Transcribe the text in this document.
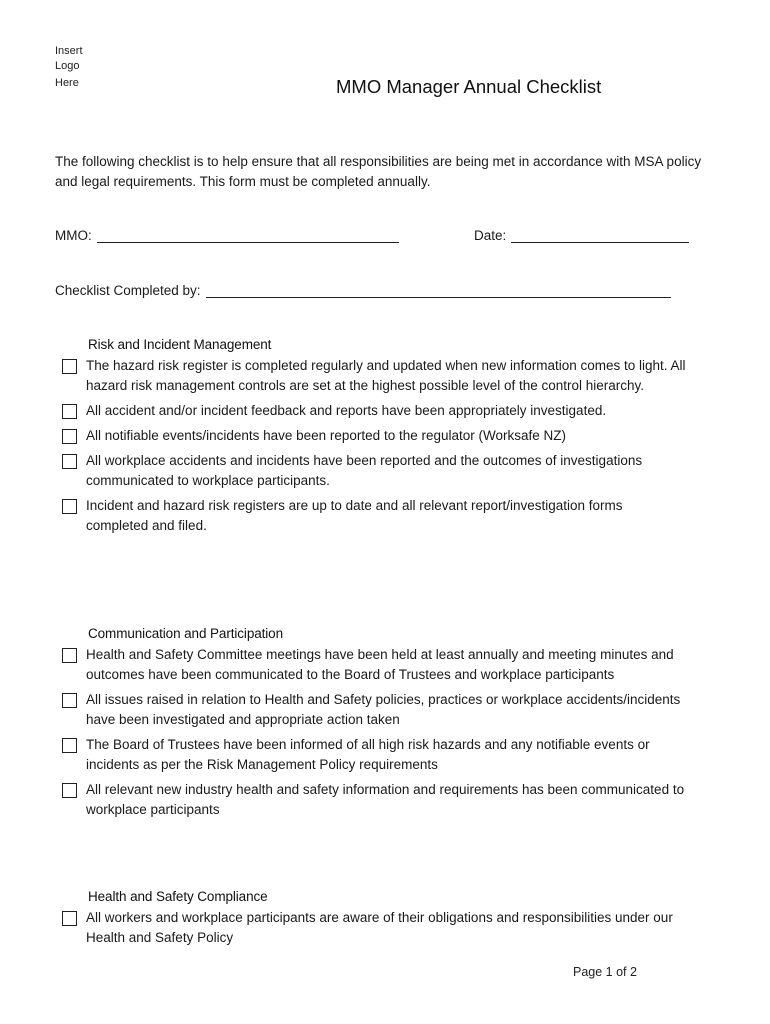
Insert
Logo
Here	MMO Manager Annual Checklist

The following checklist is to help ensure that all responsibilities are being met in accordance with MSA policy and legal requirements. This form must be completed annually.

MMO:	Date:
Checklist Completed by:
Risk and Incident Management
The hazard risk register is completed regularly and updated when new information comes to light. All hazard risk management controls are set at the highest possible level of the control hierarchy.
All accident and/or incident feedback and reports have been appropriately investigated.
All notifiable events/incidents have been reported to the regulator (Worksafe NZ)
All workplace accidents and incidents have been reported and the outcomes of investigations communicated to workplace participants.
Incident and hazard risk registers are up to date and all relevant report/investigation forms completed and filed.
Communication and Participation
Health and Safety Committee meetings have been held at least annually and meeting minutes and outcomes have been communicated to the Board of Trustees and workplace participants
All issues raised in relation to Health and Safety policies, practices or workplace accidents/incidents have been investigated and appropriate action taken
The Board of Trustees have been informed of all high risk hazards and any notifiable events or incidents as per the Risk Management Policy requirements
All relevant new industry health and safety information and requirements has been communicated to workplace participants
Health and Safety Compliance
All workers and workplace participants are aware of their obligations and responsibilities under our Health and Safety Policy
Page 1 of 2
